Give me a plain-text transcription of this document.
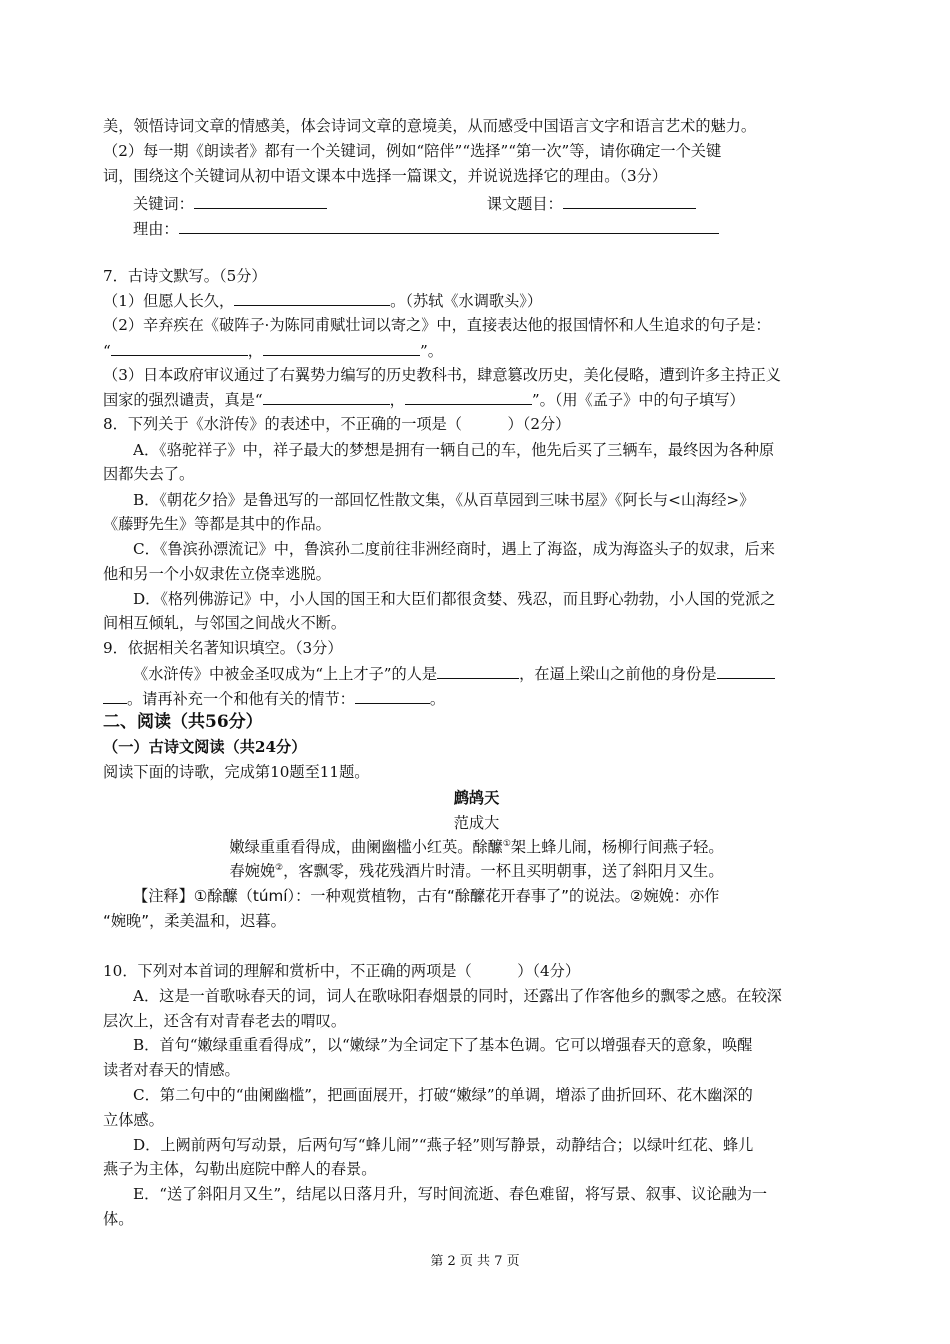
美，领悟诗词文章的情感美，体会诗词文章的意境美，从而感受中国语言文字和语言艺术的魅力。
（2）每一期《朗读者》都有一个关键词，例如“陪伴”“选择”“第一次”等，请你确定一个关键
词，围绕这个关键词从初中语文课本中选择一篇课文，并说说选择它的理由。（3分）
关键词：	课文题目：
理由：
7．古诗文默写。（5分）
（1）但愿人长久，	。（苏轼《水调歌头》）
（2）辛弃疾在《破阵子·为陈同甫赋壮词以寄之》中，直接表达他的报国情怀和人生追求的句子是：
“	，	”。
（3）日本政府审议通过了右翼势力编写的历史教科书，肆意篡改历史，美化侵略，遭到许多主持正义
国家的强烈谴责，真是“	，	”。（用《孟子》中的句子填写）
8．下列关于《水浒传》的表述中，不正确的一项是（　　　）（2分）
A．《骆驼祥子》中，祥子最大的梦想是拥有一辆自己的车，他先后买了三辆车，最终因为各种原
因都失去了。
B．《朝花夕拾》是鲁迅写的一部回忆性散文集，《从百草园到三味书屋》《阿长与<山海经>》
《藤野先生》等都是其中的作品。
C．《鲁滨孙漂流记》中，鲁滨孙二度前往非洲经商时，遇上了海盗，成为海盗头子的奴隶，后来
他和另一个小奴隶佐立侥幸逃脱。
D．《格列佛游记》中，小人国的国王和大臣们都很贪婪、残忍，而且野心勃勃，小人国的党派之
间相互倾轧，与邻国之间战火不断。
9．依据相关名著知识填空。（3分）
《水浒传》中被金圣叹成为“上上才子”的人是	，在逼上梁山之前他的身份是
。请再补充一个和他有关的情节：	。
二、阅读（共56分）
（一）古诗文阅读（共24分）
阅读下面的诗歌，完成第10题至11题。
鹧鸪天
范成大
嫩绿重重看得成，曲阑幽槛小红英。酴醿①架上蜂儿闹，杨柳行间燕子轻。
春婉娩②，客飘零，残花残酒片时清。一杯且买明朝事，送了斜阳月又生。
【注释】①酴醿（túmí）：一种观赏植物，古有“酴醿花开春事了”的说法。②婉娩：亦作
“婉晚”，柔美温和，迟暮。
10．下列对本首词的理解和赏析中，不正确的两项是（　　　）（4分）
A．这是一首歌咏春天的词，词人在歌咏阳春烟景的同时，还露出了作客他乡的飘零之感。在较深
层次上，还含有对青春老去的喟叹。
B．首句“嫩绿重重看得成”，以“嫩绿”为全词定下了基本色调。它可以增强春天的意象，唤醒
读者对春天的情感。
C．第二句中的“曲阑幽槛”，把画面展开，打破“嫩绿”的单调，增添了曲折回环、花木幽深的
立体感。
D．上阙前两句写动景，后两句写“蜂儿闹”“燕子轻”则写静景，动静结合；以绿叶红花、蜂儿
燕子为主体，勾勒出庭院中醉人的春景。
E．“送了斜阳月又生”，结尾以日落月升，写时间流逝、春色难留，将写景、叙事、议论融为一
体。
第 2 页 共 7 页
